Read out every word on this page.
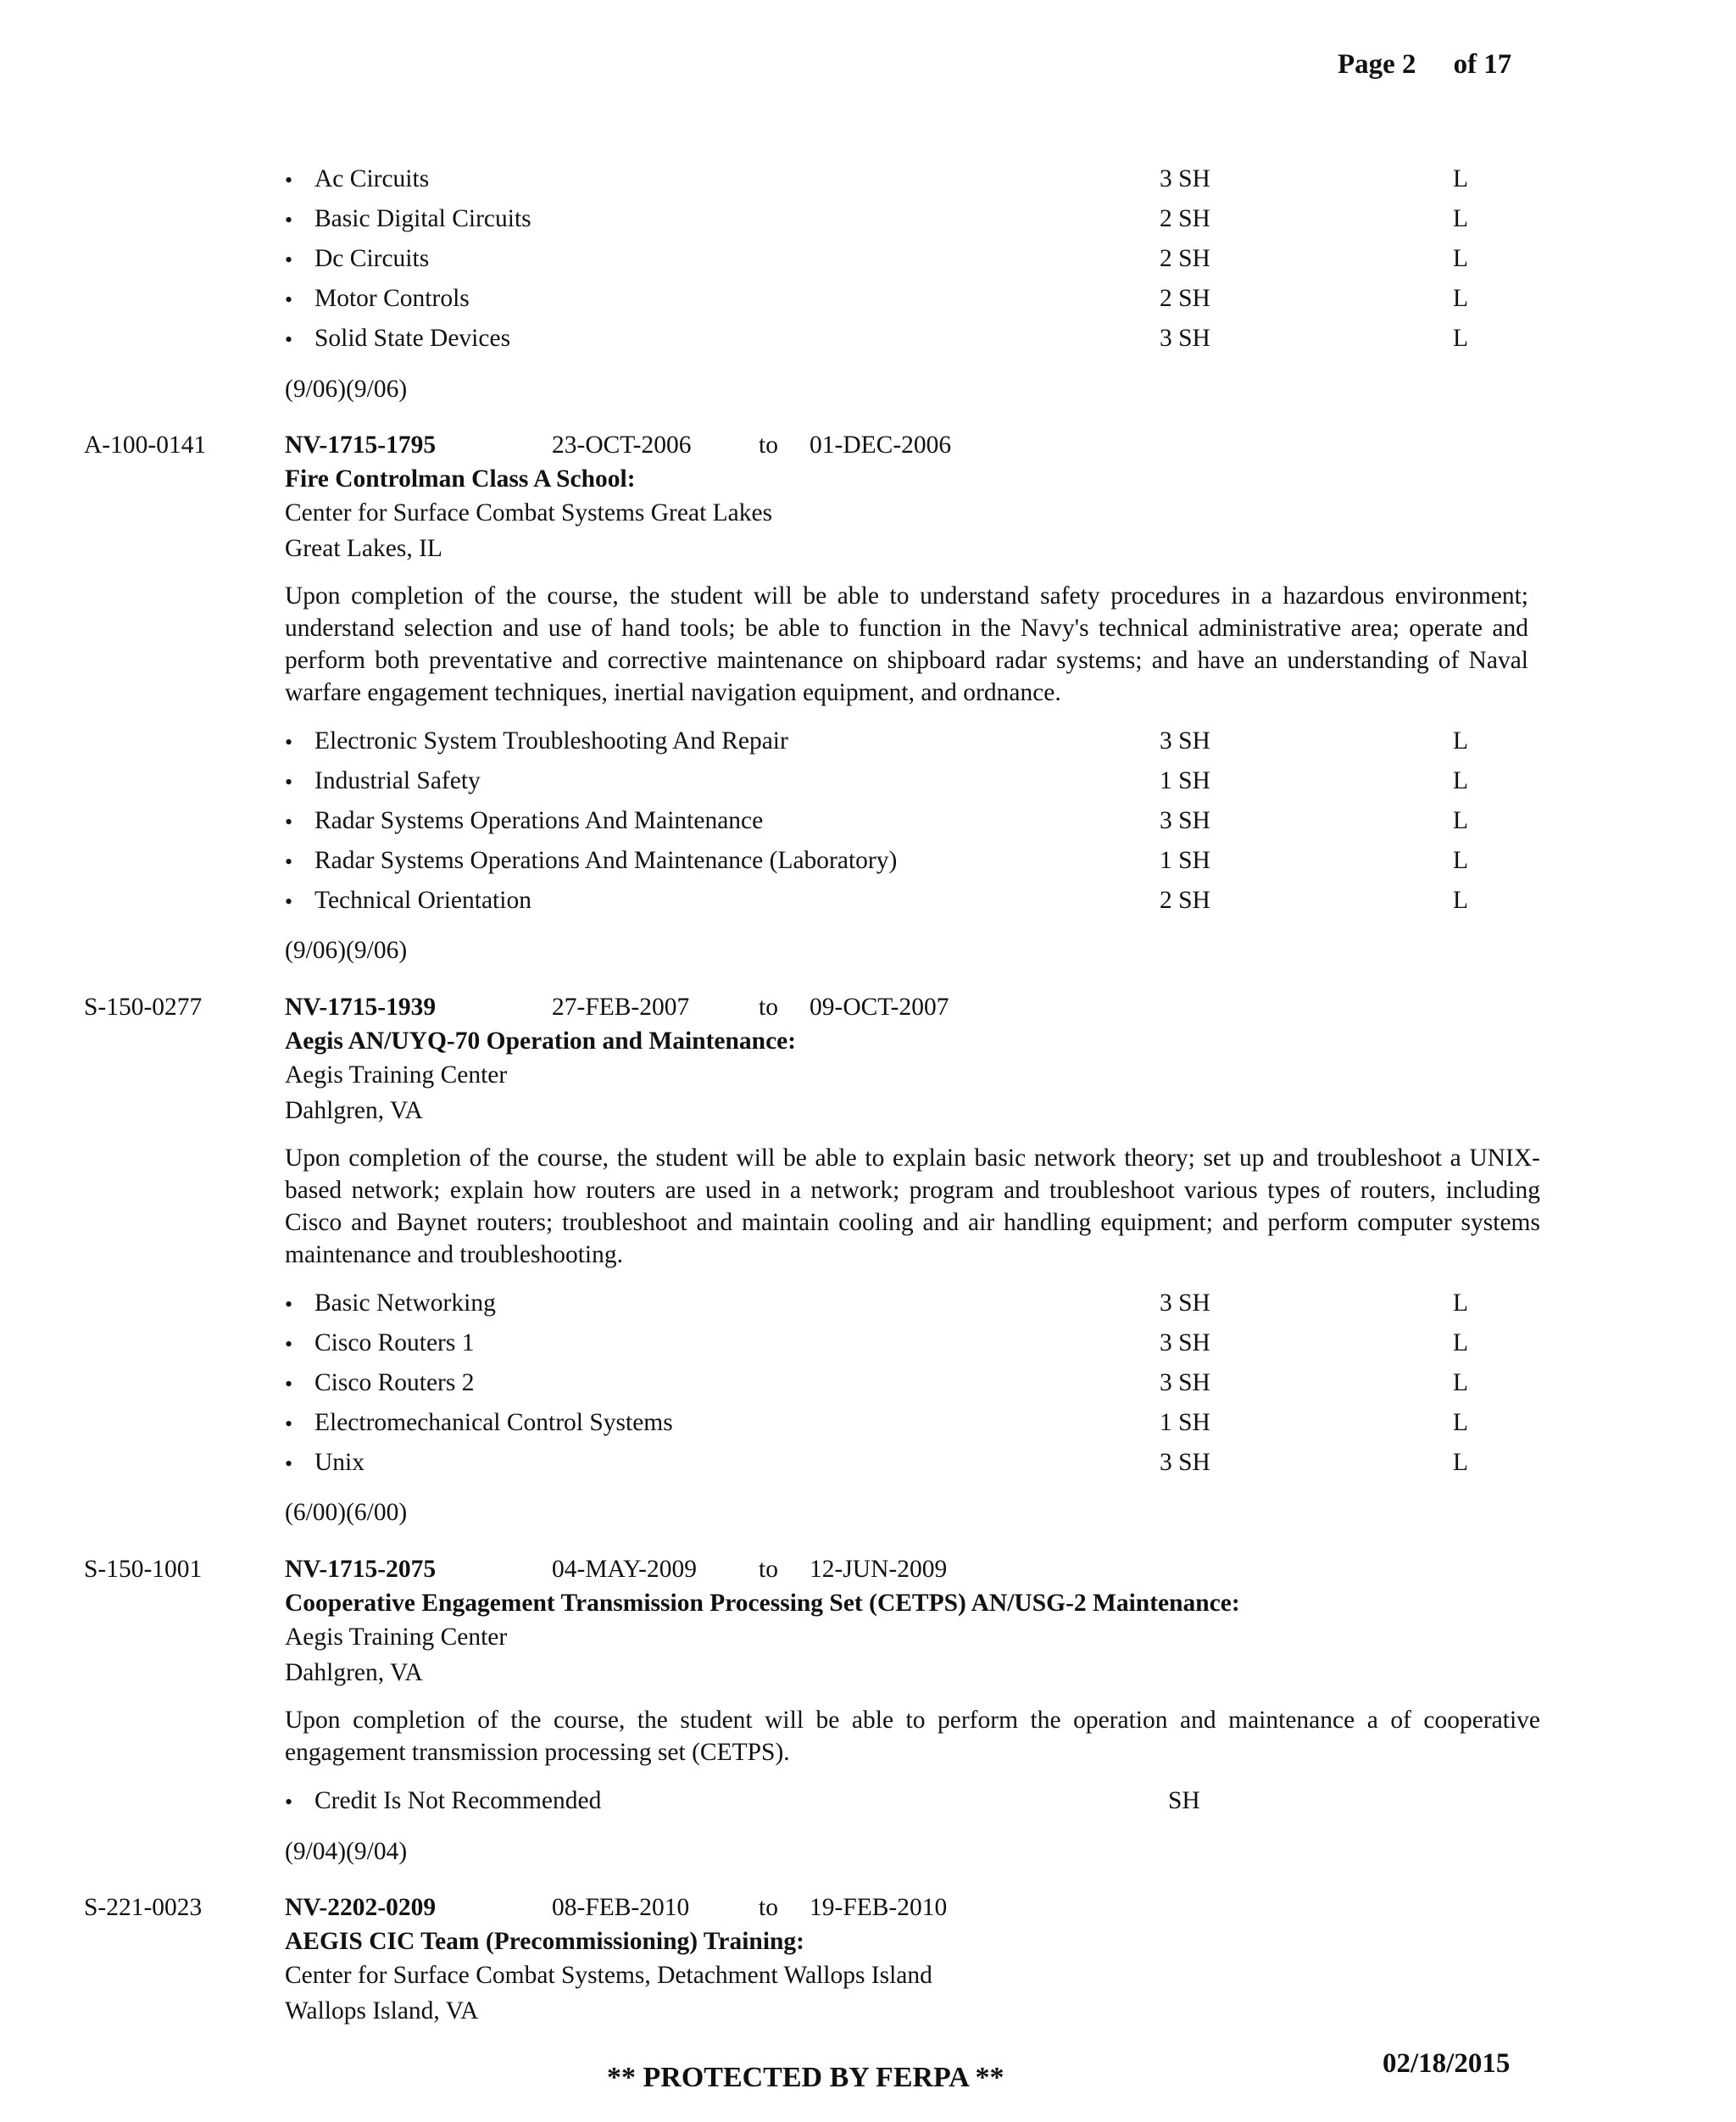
Page 2 of 17
• Ac Circuits	3 SH	L
• Basic Digital Circuits	2 SH	L
• Dc Circuits	2 SH	L
• Motor Controls	2 SH	L
• Solid State Devices	3 SH	L
(9/06)(9/06)
A-100-0141	NV-1715-1795	23-OCT-2006	to 01-DEC-2006
Fire Controlman Class A School:
Center for Surface Combat Systems Great Lakes
Great Lakes, IL
Upon completion of the course, the student will be able to understand safety procedures in a hazardous environment; understand selection and use of hand tools; be able to function in the Navy's technical administrative area; operate and perform both preventative and corrective maintenance on shipboard radar systems; and have an understanding of Naval warfare engagement techniques, inertial navigation equipment, and ordnance.
• Electronic System Troubleshooting And Repair	3 SH	L
• Industrial Safety	1 SH	L
• Radar Systems Operations And Maintenance	3 SH	L
• Radar Systems Operations And Maintenance (Laboratory)	1 SH	L
• Technical Orientation	2 SH	L
(9/06)(9/06)
S-150-0277	NV-1715-1939	27-FEB-2007	to 09-OCT-2007
Aegis AN/UYQ-70 Operation and Maintenance:
Aegis Training Center
Dahlgren, VA
Upon completion of the course, the student will be able to explain basic network theory; set up and troubleshoot a UNIX-based network; explain how routers are used in a network; program and troubleshoot various types of routers, including Cisco and Baynet routers; troubleshoot and maintain cooling and air handling equipment; and perform computer systems maintenance and troubleshooting.
• Basic Networking	3 SH	L
• Cisco Routers 1	3 SH	L
• Cisco Routers 2	3 SH	L
• Electromechanical Control Systems	1 SH	L
• Unix	3 SH	L
(6/00)(6/00)
S-150-1001	NV-1715-2075	04-MAY-2009 to 12-JUN-2009
Cooperative Engagement Transmission Processing Set (CETPS) AN/USG-2 Maintenance:
Aegis Training Center
Dahlgren, VA
Upon completion of the course, the student will be able to perform the operation and maintenance a of cooperative engagement transmission processing set (CETPS).
• Credit Is Not Recommended	SH
(9/04)(9/04)
S-221-0023	NV-2202-0209	08-FEB-2010	to 19-FEB-2010
AEGIS CIC Team (Precommissioning) Training:
Center for Surface Combat Systems, Detachment Wallops Island
Wallops Island, VA
** PROTECTED BY FERPA **	02/18/2015
